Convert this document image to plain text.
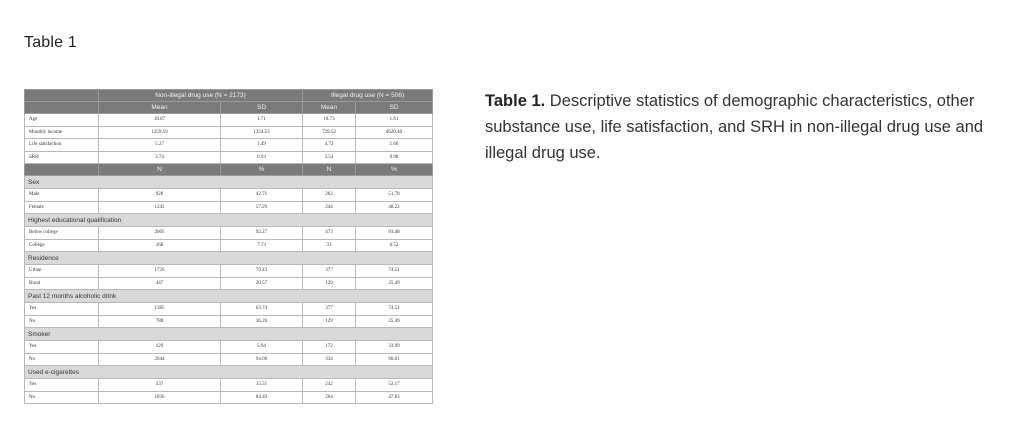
Table 1
	Non-illegal drug use (N = 2173)		Illegal drug use (N = 506)	
	Mean	SD	Mean	SD
Age	18.87	1.71	18.73	1.61
Monthly income	1259.59	1354.53	729.52	4620.40
Life satisfaction	5.27	1.49	4.72	1.60
SRH	3.74	0.93	3.54	0.98
	N	%	N	%
Sex				
Male	928	42.71	262	51.78
Female	1245	57.29	244	48.22
Highest educational qualification				
Below college	2005	92.27	473	93.48
College	168	7.73	33	6.52
Residence				
Urban	1726	79.43	377	74.51
Rural	447	20.57	129	25.49
Past 12 months alcoholic drink				
Yes	1385	63.74	377	74.51
No	788	36.26	129	25.49
Smoker				
Yes	129	5.94	172	33.99
No	2044	94.06	334	66.01
Used e-cigarettes				
Yes	337	15.51	242	52.17
No	1836	84.49	264	47.83
Table 1. Descriptive statistics of demographic characteristics, other substance use, life satisfaction, and SRH in non-illegal drug use and illegal drug use.
